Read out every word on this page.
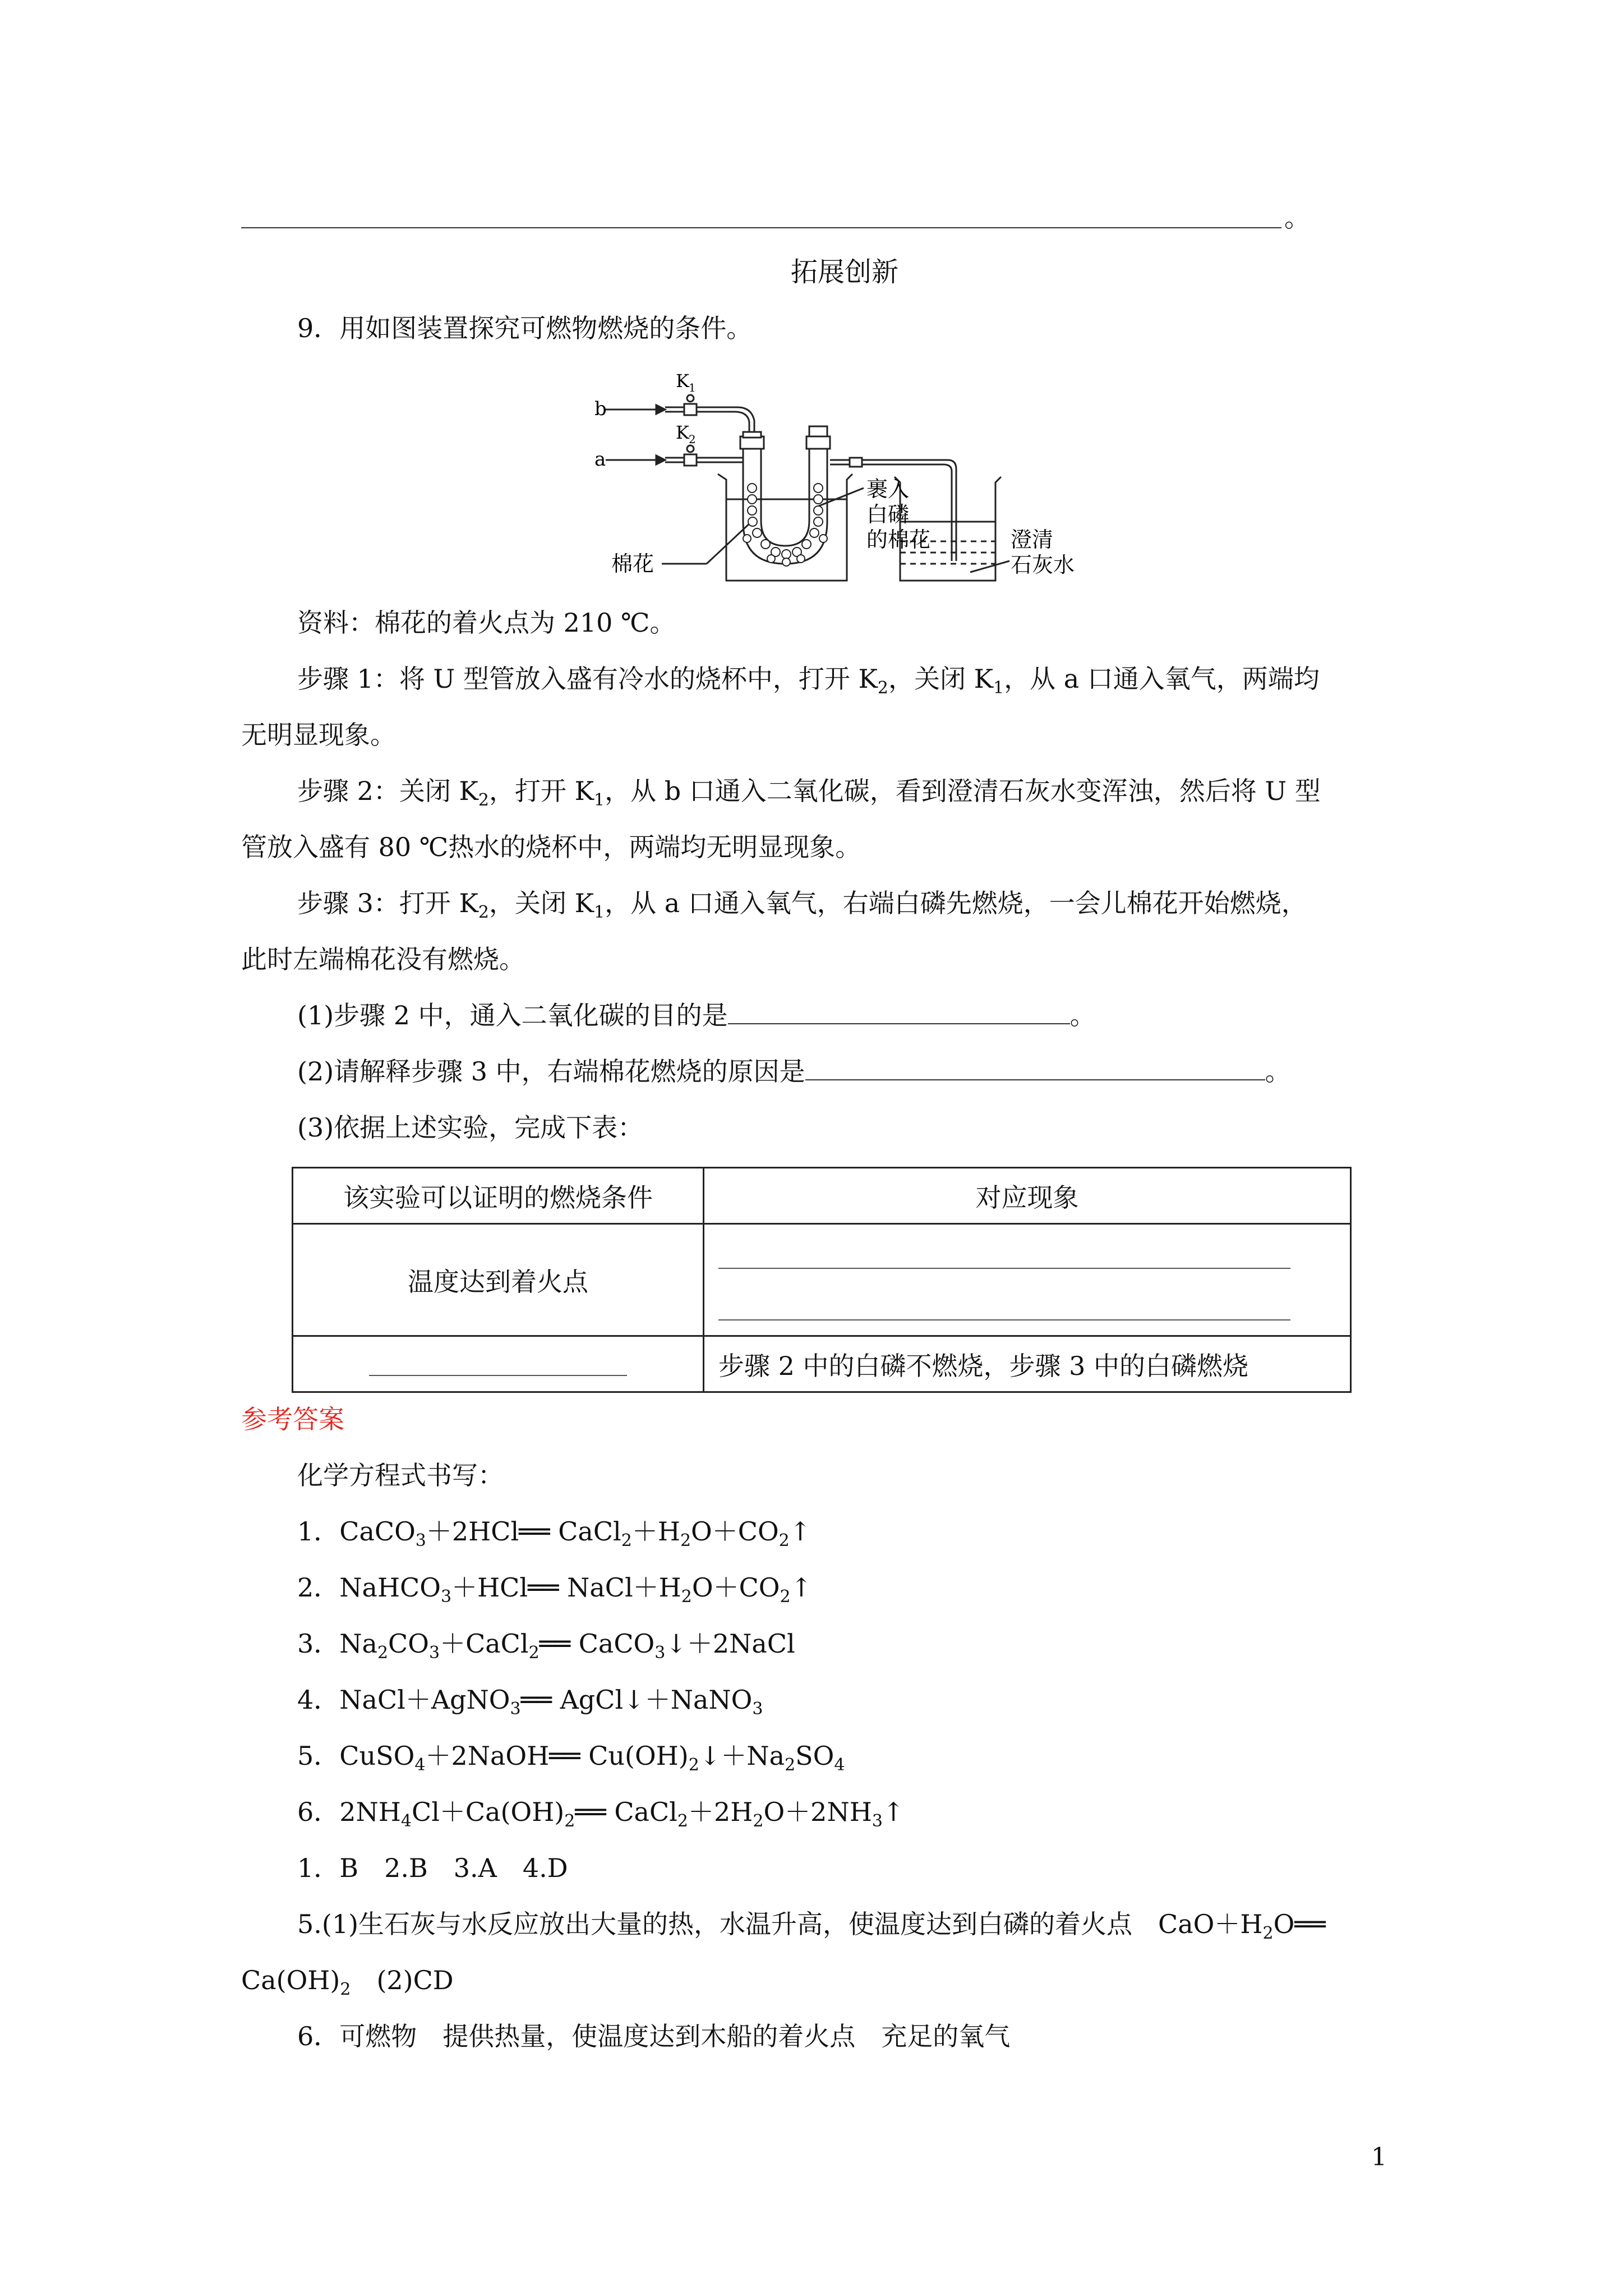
。
拓展创新
9．用如图装置探究可燃物燃烧的条件。
b
a
K 1
K 2
棉花
裹入
白磷
的棉花	澄清
石灰水
资料：棉花的着火点为 210 ℃。
步骤 1：将 U 型管放入盛有冷水的烧杯中，打开 $K_2$，关闭 $K_1$，从 a 口通入氧气，两端均
无明显现象。
步骤 2：关闭 $K_2$，打开 $K_1$，从 b 口通入二氧化碳，看到澄清石灰水变浑浊，然后将 U 型
管放入盛有 80 ℃热水的烧杯中，两端均无明显现象。
步骤 3：打开 $K_2$，关闭 $K_1$，从 a 口通入氧气，右端白磷先燃烧，一会儿棉花开始燃烧，
此时左端棉花没有燃烧。
(1)步骤 2 中，通入二氧化碳的目的是	。
(2)请解释步骤 3 中，右端棉花燃烧的原因是	。
(3)依据上述实验，完成下表：
该实验可以证明的燃烧条件	对应现象
温度达到着火点	

	步骤 2 中的白磷不燃烧，步骤 3 中的白磷燃烧
参考答案
化学方程式书写：
1．CaCO$_3$＋2HCl══ $CaCl_2+H_2O+CO_2↑$
2．NaHCO$_3$＋HCl══ $NaCl+H_2O+CO_2↑$
3．$Na_2CO_3+CaCl_2══$ CaCO$_3$↓＋2NaCl
4．NaCl＋AgNO$_3$══ AgCl↓＋NaNO$_3$
5．CuSO$_4$＋2NaOH══ $Cu(OH)_2↓+Na_2SO_4$
6．$2NH_4Cl+Ca(OH)_2══$ $CaCl_2+2H_2O+2NH_3↑$
1．B　2.B　3.A　4.D
5.(1)生石灰与水反应放出大量的热，水温升高，使温度达到白磷的着火点　$CaO+H_2O══$
$Ca(OH)_2$　(2)CD
6．可燃物　提供热量，使温度达到木船的着火点　充足的氧气
1
